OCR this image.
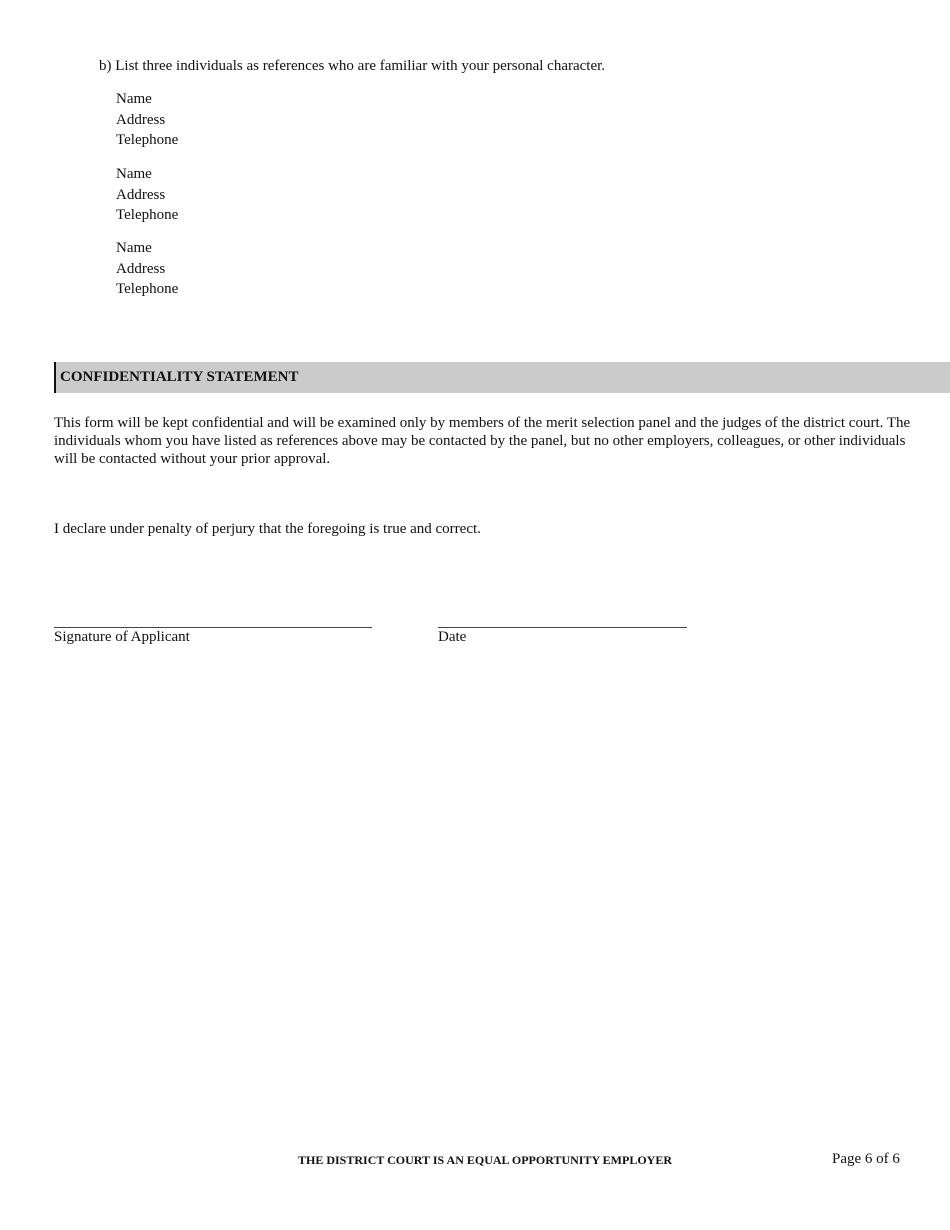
b) List three individuals as references who are familiar with your personal character.
Name
Address
Telephone
Name
Address
Telephone
Name
Address
Telephone
CONFIDENTIALITY STATEMENT
This form will be kept confidential and will be examined only by members of the merit selection panel and the judges of the district court. The individuals whom you have listed as references above may be contacted by the panel, but no other employers, colleagues, or other individuals will be contacted without your prior approval.
I declare under penalty of perjury that the foregoing is true and correct.
Signature of Applicant	Date
THE DISTRICT COURT IS AN EQUAL OPPORTUNITY EMPLOYER	Page 6 of 6
